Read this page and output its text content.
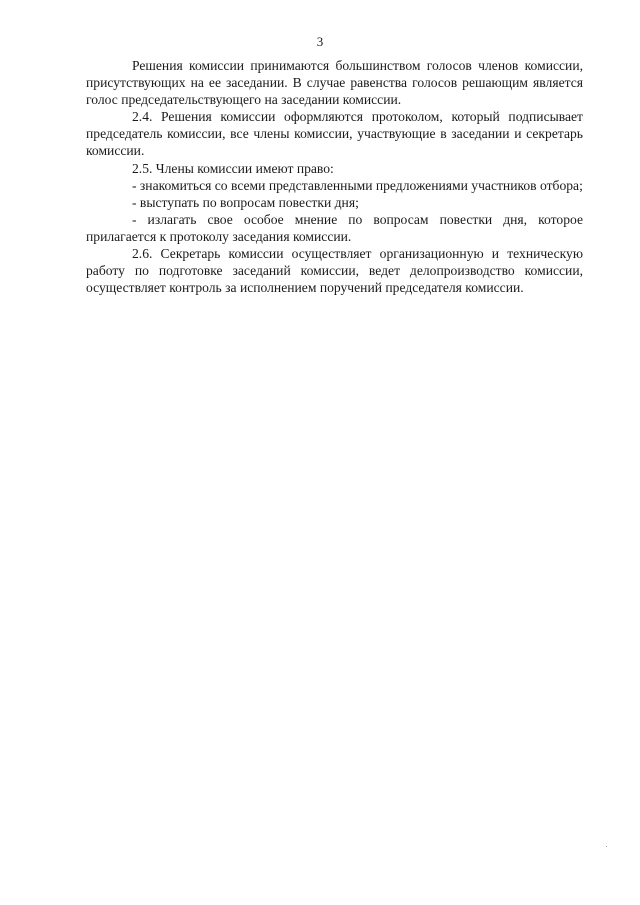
3

Решения комиссии принимаются большинством голосов членов комиссии, присутствующих на ее заседании. В случае равенства голосов решающим является голос председательствующего на заседании комиссии.

2.4. Решения комиссии оформляются протоколом, который подписывает председатель комиссии, все члены комиссии, участвующие в заседании и секретарь комиссии.

2.5. Члены комиссии имеют право:

- знакомиться со всеми представленными предложениями участников отбора;

- выступать по вопросам повестки дня;

- излагать свое особое мнение по вопросам повестки дня, которое прилагается к протоколу заседания комиссии.

2.6. Секретарь комиссии осуществляет организационную и техническую работу по подготовке заседаний комиссии, ведет делопроизводство комиссии, осуществляет контроль за исполнением поручений председателя комиссии.
